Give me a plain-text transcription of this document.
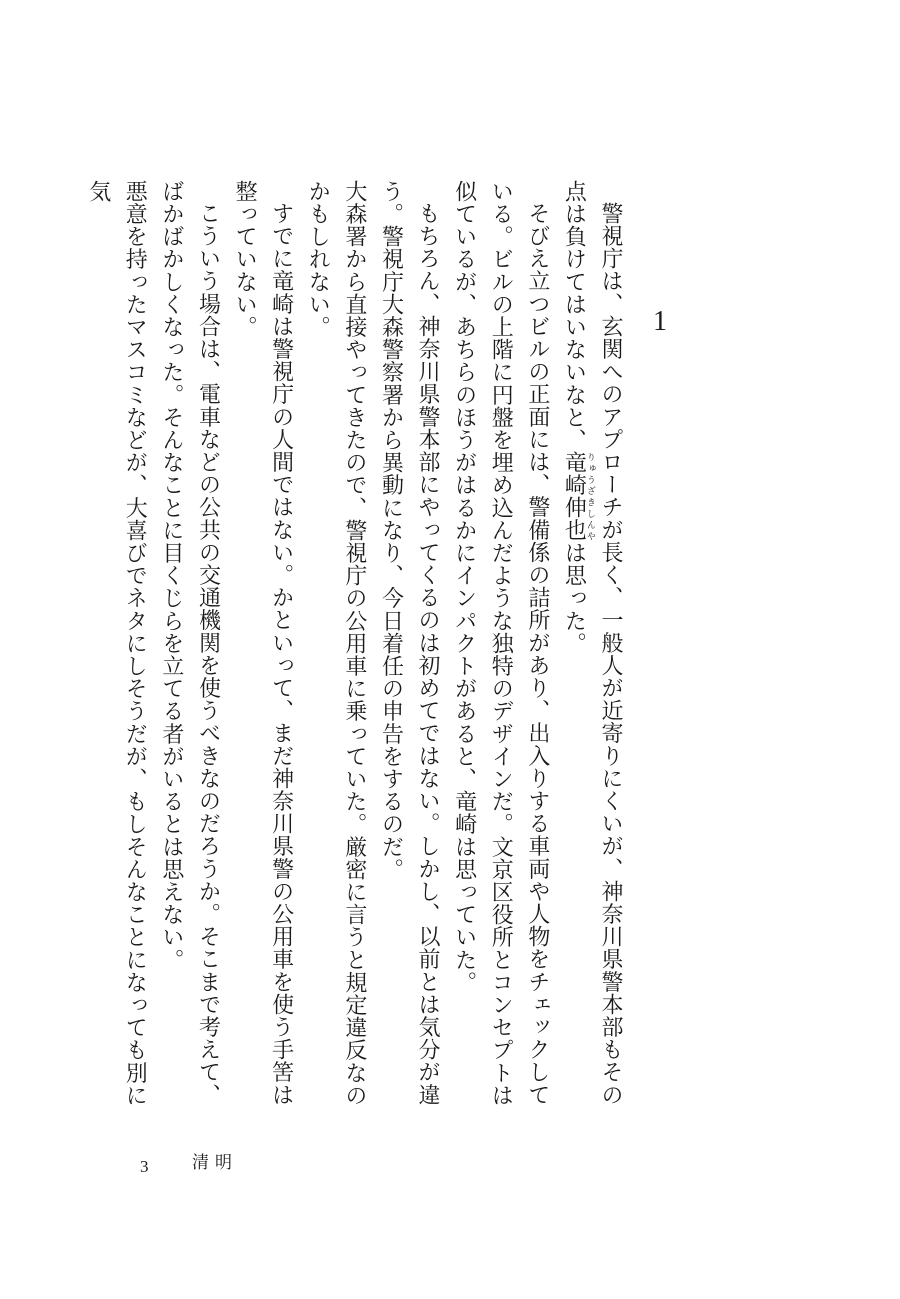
1

警視庁は、玄関へのアプローチが長く、一般人が近寄りにくいが、神奈川県警本部もその点は負けてはいないなと、竜崎伸也りゅうざきしんやは思った。

そびえ立つビルの正面には、警備係の詰所があり、出入りする車両や人物をチェックしている。ビルの上階に円盤を埋め込んだような独特のデザインだ。文京区役所とコンセプトは似ているが、あちらのほうがはるかにインパクトがあると、竜崎は思っていた。

もちろん、神奈川県警本部にやってくるのは初めてではない。しかし、以前とは気分が違う。警視庁大森警察署から異動になり、今日着任の申告をするのだ。

大森署から直接やってきたので、警視庁の公用車に乗っていた。厳密に言うと規定違反なのかもしれない。

すでに竜崎は警視庁の人間ではない。かといって、まだ神奈川県警の公用車を使う手筈は整っていない。

こういう場合は、電車などの公共の交通機関を使うべきなのだろうか。そこまで考えて、ばかばかしくなった。そんなことに目くじらを立てる者がいるとは思えない。

悪意を持ったマスコミなどが、大喜びでネタにしそうだが、もしそんなことになっても別に気

3	清明
